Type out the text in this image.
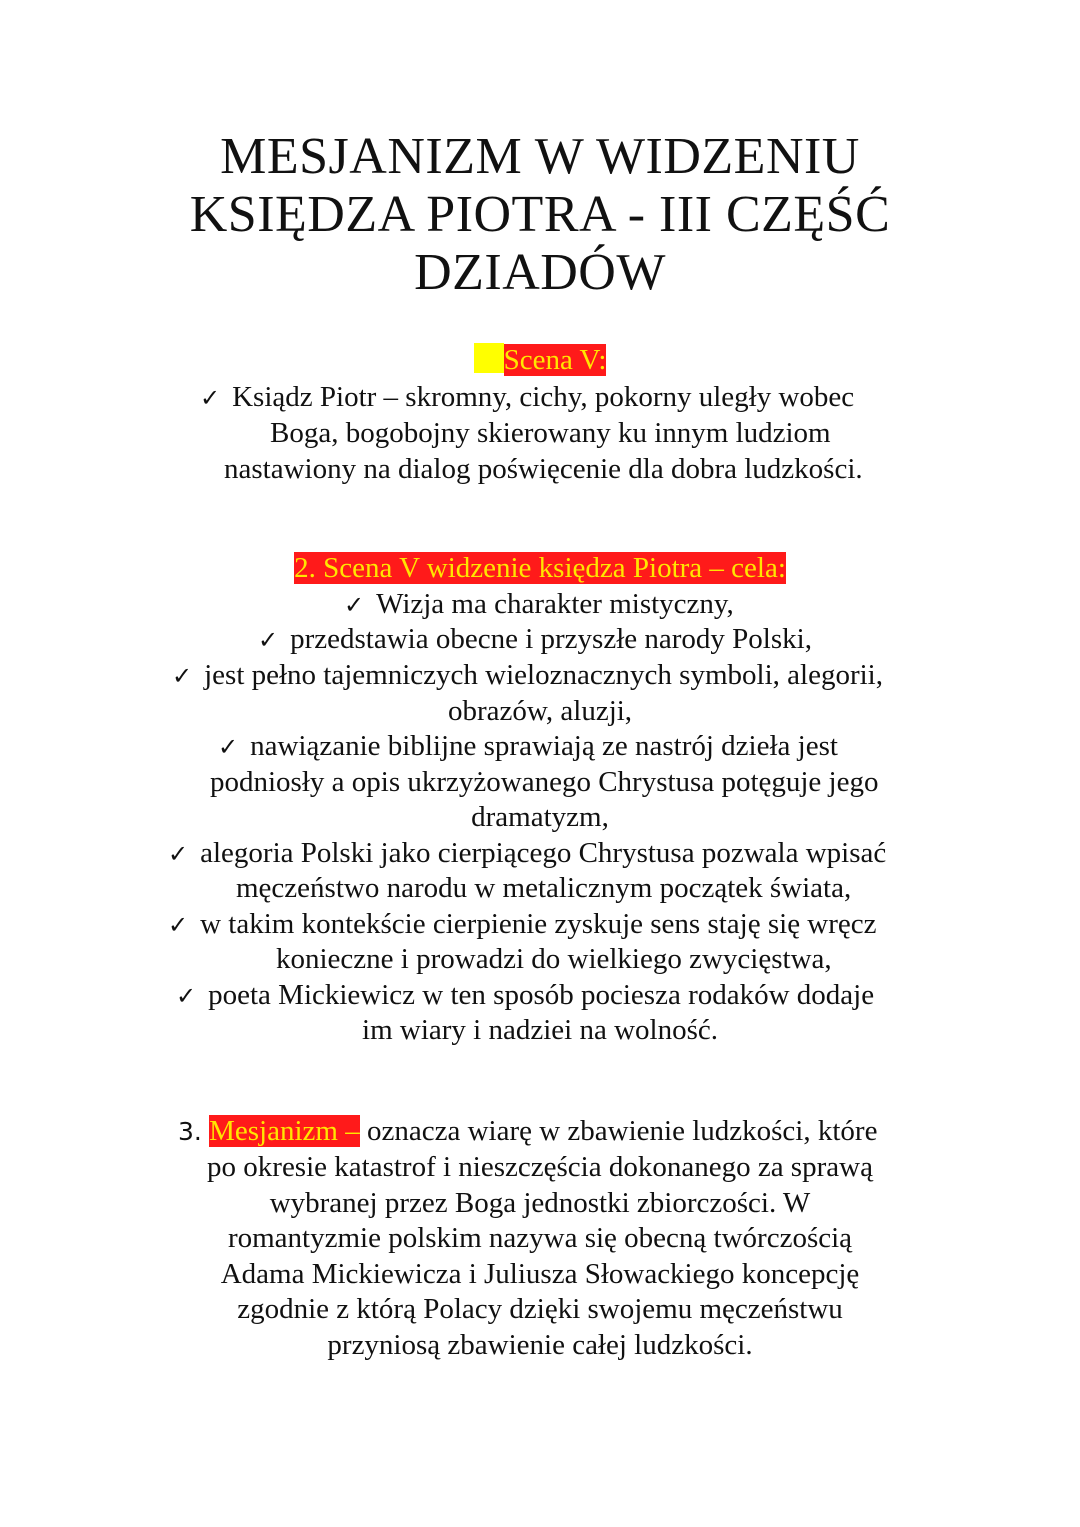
MESJANIZM W WIDZENIU
KSIĘDZA PIOTRA - III CZĘŚĆ
DZIADÓW
Scena V:
✓ Ksiądz Piotr – skromny, cichy, pokorny uległy wobec
Boga, bogobojny skierowany ku innym ludziom
nastawiony na dialog poświęcenie dla dobra ludzkości.
2. Scena V widzenie księdza Piotra – cela:
✓ Wizja ma charakter mistyczny,
✓ przedstawia obecne i przyszłe narody Polski,
✓ jest pełno tajemniczych wieloznacznych symboli, alegorii,
obrazów, aluzji,
✓ nawiązanie biblijne sprawiają ze nastrój dzieła jest
podniosły a opis ukrzyżowanego Chrystusa potęguje jego
dramatyzm,
✓ alegoria Polski jako cierpiącego Chrystusa pozwala wpisać
męczeństwo narodu w metalicznym początek świata,
✓ w takim kontekście cierpienie zyskuje sens staję się wręcz
konieczne i prowadzi do wielkiego zwycięstwa,
✓ poeta Mickiewicz w ten sposób pociesza rodaków dodaje
im wiary i nadziei na wolność.
3. Mesjanizm – oznacza wiarę w zbawienie ludzkości, które
po okresie katastrof i nieszczęścia dokonanego za sprawą
wybranej przez Boga jednostki zbiorczości. W
romantyzmie polskim nazywa się obecną twórczością
Adama Mickiewicza i Juliusza Słowackiego koncepcję
zgodnie z którą Polacy dzięki swojemu męczeństwu
przyniosą zbawienie całej ludzkości.
